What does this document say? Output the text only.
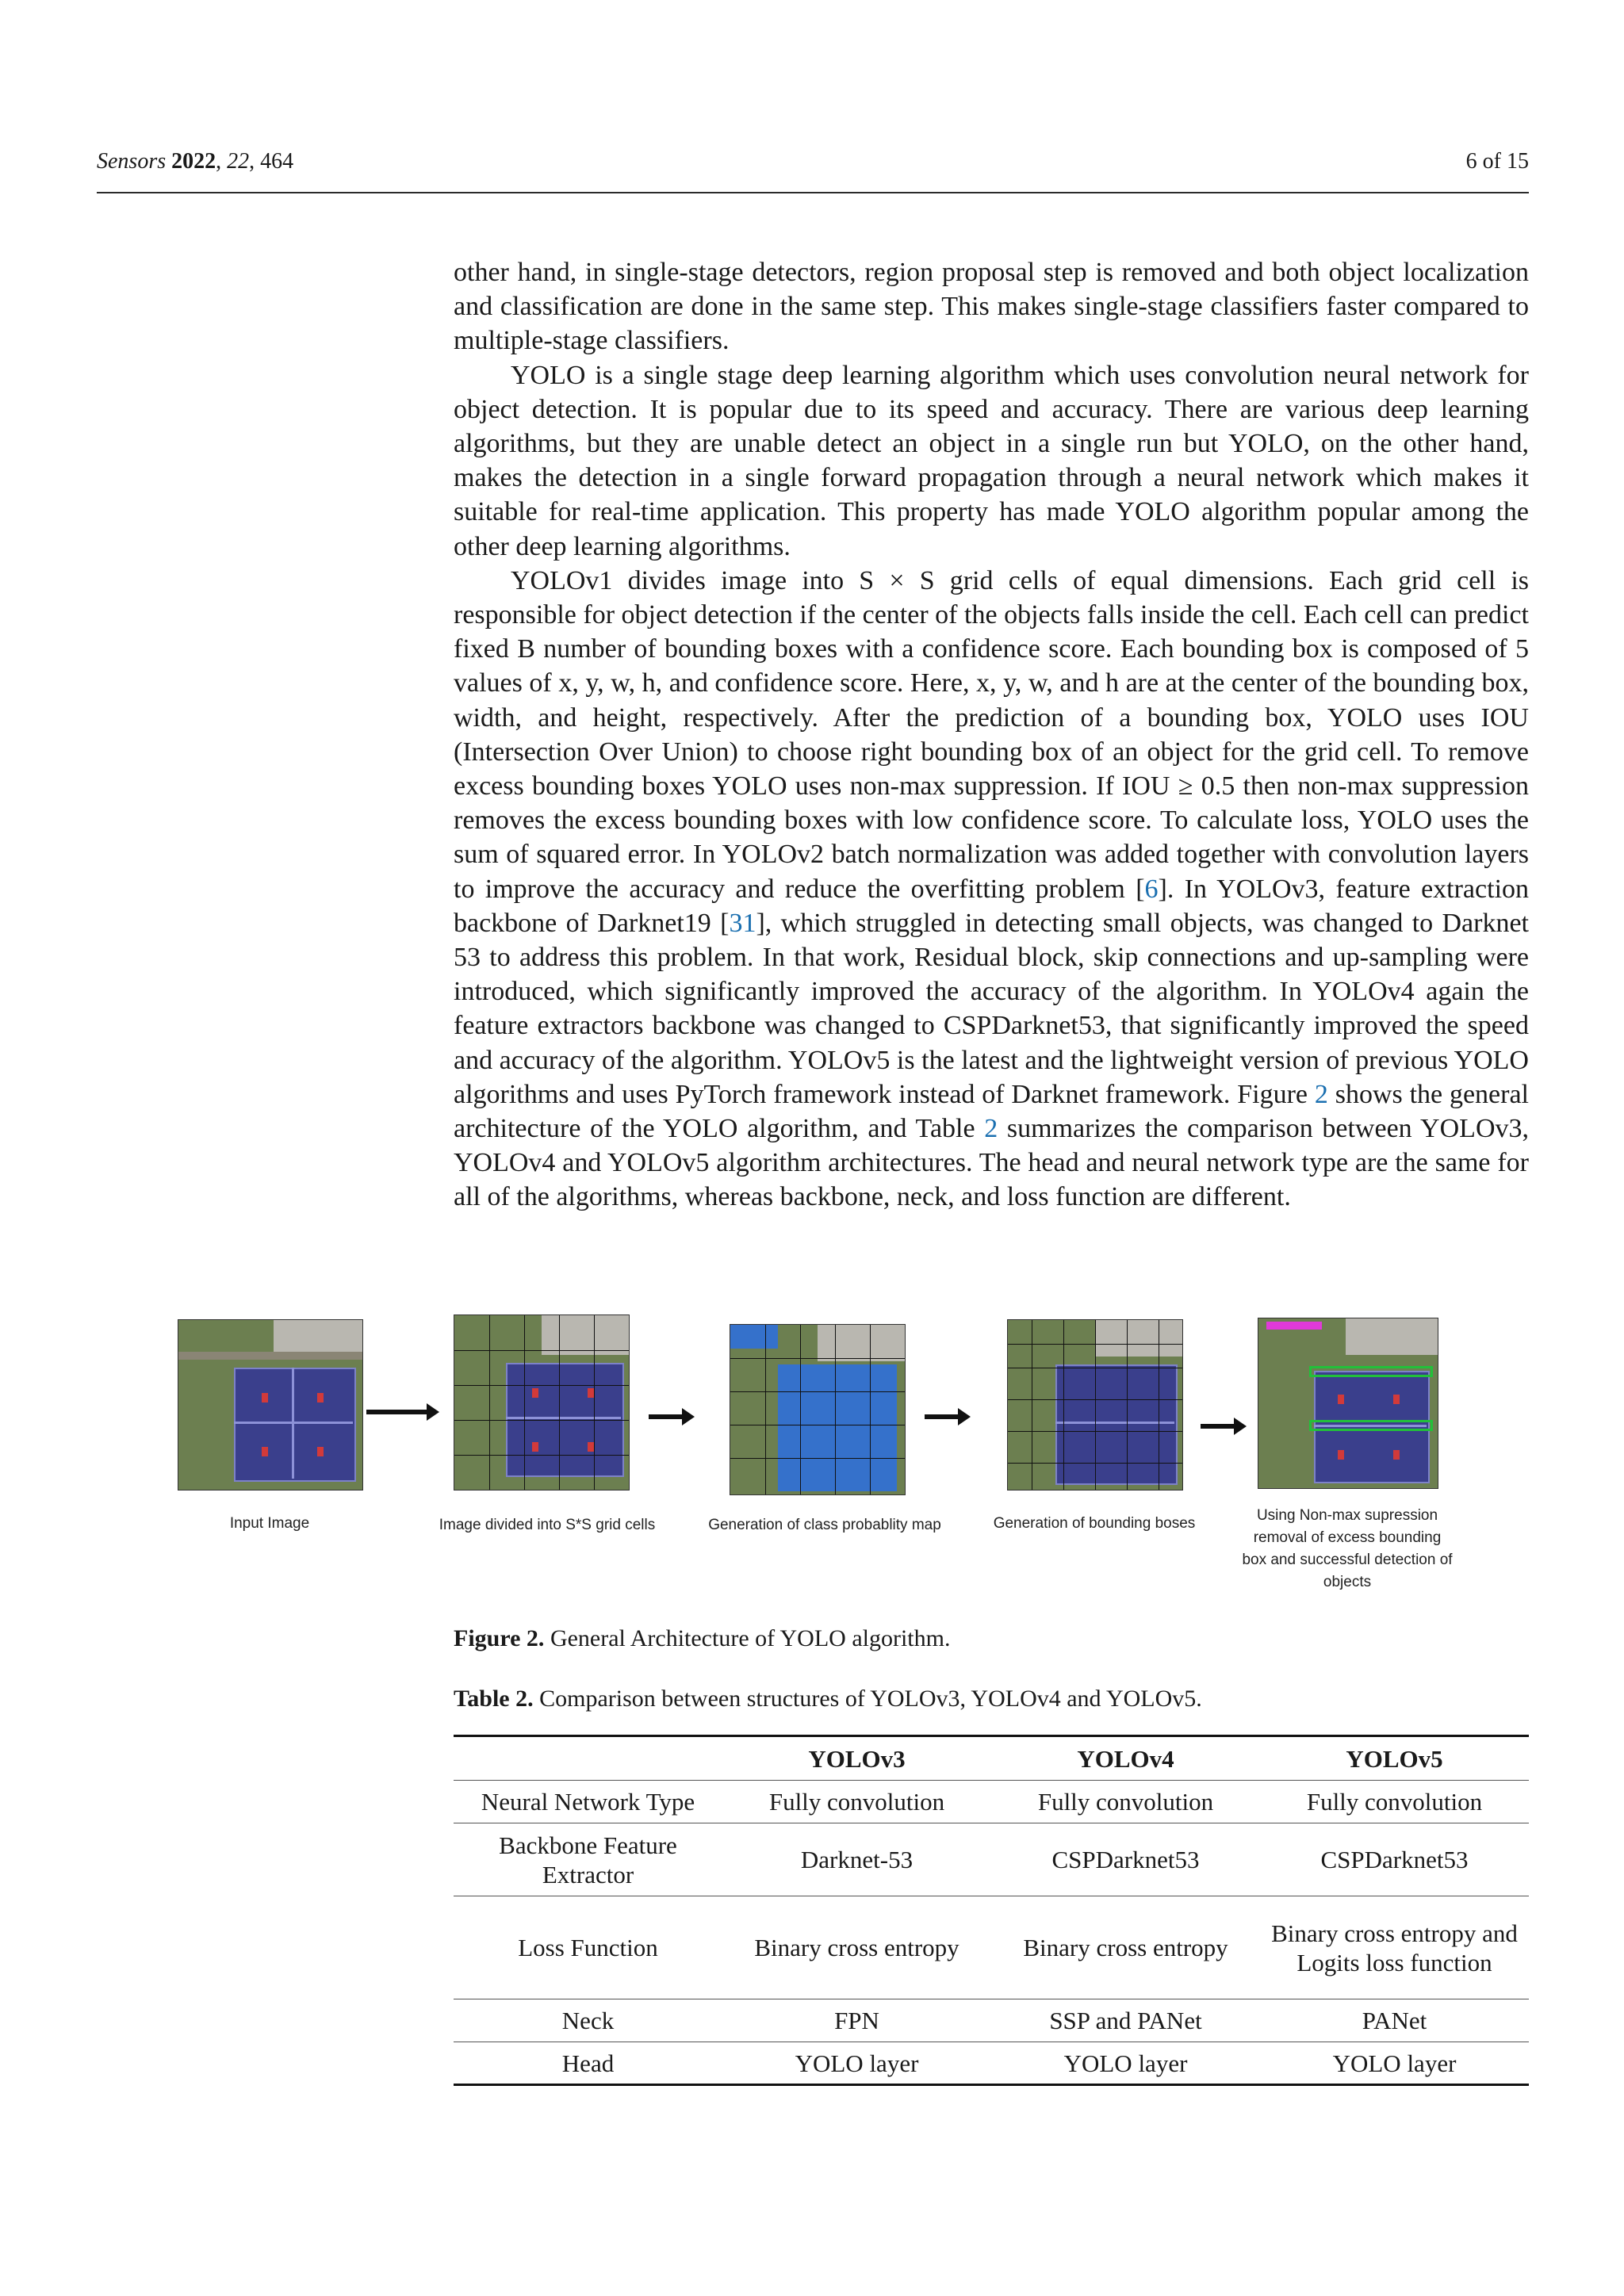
Sensors 2022, 22, 464	6 of 15

other hand, in single-stage detectors, region proposal step is removed and both object localization and classification are done in the same step. This makes single-stage classifiers faster compared to multiple-stage classifiers.

YOLO is a single stage deep learning algorithm which uses convolution neural network for object detection. It is popular due to its speed and accuracy. There are various deep learning algorithms, but they are unable detect an object in a single run but YOLO, on the other hand, makes the detection in a single forward propagation through a neural network which makes it suitable for real-time application. This property has made YOLO algorithm popular among the other deep learning algorithms.

YOLOv1 divides image into S × S grid cells of equal dimensions. Each grid cell is responsible for object detection if the center of the objects falls inside the cell. Each cell can predict fixed B number of bounding boxes with a confidence score. Each bounding box is composed of 5 values of x, y, w, h, and confidence score. Here, x, y, w, and h are at the center of the bounding box, width, and height, respectively. After the prediction of a bounding box, YOLO uses IOU (Intersection Over Union) to choose right bounding box of an object for the grid cell. To remove excess bounding boxes YOLO uses non-max suppression. If IOU ≥ 0.5 then non-max suppression removes the excess bounding boxes with low confidence score. To calculate loss, YOLO uses the sum of squared error. In YOLOv2 batch normalization was added together with convolution layers to improve the accuracy and reduce the overfitting problem [6]. In YOLOv3, feature extraction backbone of Darknet19 [31], which struggled in detecting small objects, was changed to Darknet 53 to address this problem. In that work, Residual block, skip connections and up-sampling were introduced, which significantly improved the accuracy of the algorithm. In YOLOv4 again the feature extractors backbone was changed to CSPDarknet53, that significantly improved the speed and accuracy of the algorithm. YOLOv5 is the latest and the lightweight version of previous YOLO algorithms and uses PyTorch framework instead of Darknet framework. Figure 2 shows the general architecture of the YOLO algorithm, and Table 2 summarizes the comparison between YOLOv3, YOLOv4 and YOLOv5 algorithm architectures. The head and neural network type are the same for all of the algorithms, whereas backbone, neck, and loss function are different.

Input Image	Image divided into S*S grid cells	Generation of class probablity map	Generation of bounding boses	Using Non-max supression removal of excess bounding box and successful detection of objects
Figure 2. General Architecture of YOLO algorithm.
Table 2. Comparison between structures of YOLOv3, YOLOv4 and YOLOv5.
	YOLOv3	YOLOv4	YOLOv5
Neural Network Type	Fully convolution	Fully convolution	Fully convolution
Backbone Feature Extractor	Darknet-53	CSPDarknet53	CSPDarknet53
Loss Function	Binary cross entropy	Binary cross entropy	Binary cross entropy and Logits loss function
Neck	FPN	SSP and PANet	PANet
Head	YOLO layer	YOLO layer	YOLO layer
